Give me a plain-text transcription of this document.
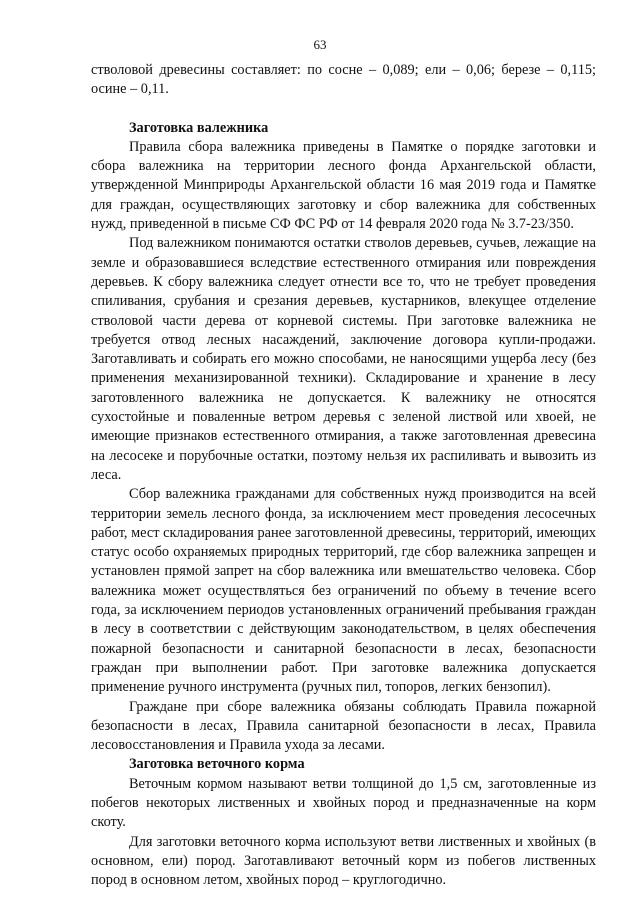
63

стволовой древесины составляет: по сосне – 0,089; ели – 0,06; березе – 0,115; осине – 0,11.

Заготовка валежника

Правила сбора валежника приведены в Памятке о порядке заготовки и сбора валежника на территории лесного фонда Архангельской области, утвержденной Минприроды Архангельской области 16 мая 2019 года и Памятке для граждан, осуществляющих заготовку и сбор валежника для собственных нужд, приведенной в письме СФ ФС РФ от 14 февраля 2020 года № 3.7-23/350.

Под валежником понимаются остатки стволов деревьев, сучьев, лежащие на земле и образовавшиеся вследствие естественного отмирания или повреждения деревьев. К сбору валежника следует отнести все то, что не требует проведения спиливания, срубания и срезания деревьев, кустарников, влекущее отделение стволовой части дерева от корневой системы. При заготовке валежника не требуется отвод лесных насаждений, заключение договора купли-продажи. Заготавливать и собирать его можно способами, не наносящими ущерба лесу (без применения механизированной техники). Складирование и хранение в лесу заготовленного валежника не допускается. К валежнику не относятся сухостойные и поваленные ветром деревья с зеленой листвой или хвоей, не имеющие признаков естественного отмирания, а также заготовленная древесина на лесосеке и порубочные остатки, поэтому нельзя их распиливать и вывозить из леса.

Сбор валежника гражданами для собственных нужд производится на всей территории земель лесного фонда, за исключением мест проведения лесосечных работ, мест складирования ранее заготовленной древесины, территорий, имеющих статус особо охраняемых природных территорий, где сбор валежника запрещен и установлен прямой запрет на сбор валежника или вмешательство человека. Сбор валежника может осуществляться без ограничений по объему в течение всего года, за исключением периодов установленных ограничений пребывания граждан в лесу в соответствии с действующим законодательством, в целях обеспечения пожарной безопасности и санитарной безопасности в лесах, безопасности граждан при выполнении работ. При заготовке валежника допускается применение ручного инструмента (ручных пил, топоров, легких бензопил).

Граждане при сборе валежника обязаны соблюдать Правила пожарной безопасности в лесах, Правила санитарной безопасности в лесах, Правила лесовосстановления и Правила ухода за лесами.

Заготовка веточного корма

Веточным кормом называют ветви толщиной до 1,5 см, заготовленные из побегов некоторых лиственных и хвойных пород и предназначенные на корм скоту.

Для заготовки веточного корма используют ветви лиственных и хвойных (в основном, ели) пород. Заготавливают веточный корм из побегов лиственных пород в основном летом, хвойных пород – круглогодично.
